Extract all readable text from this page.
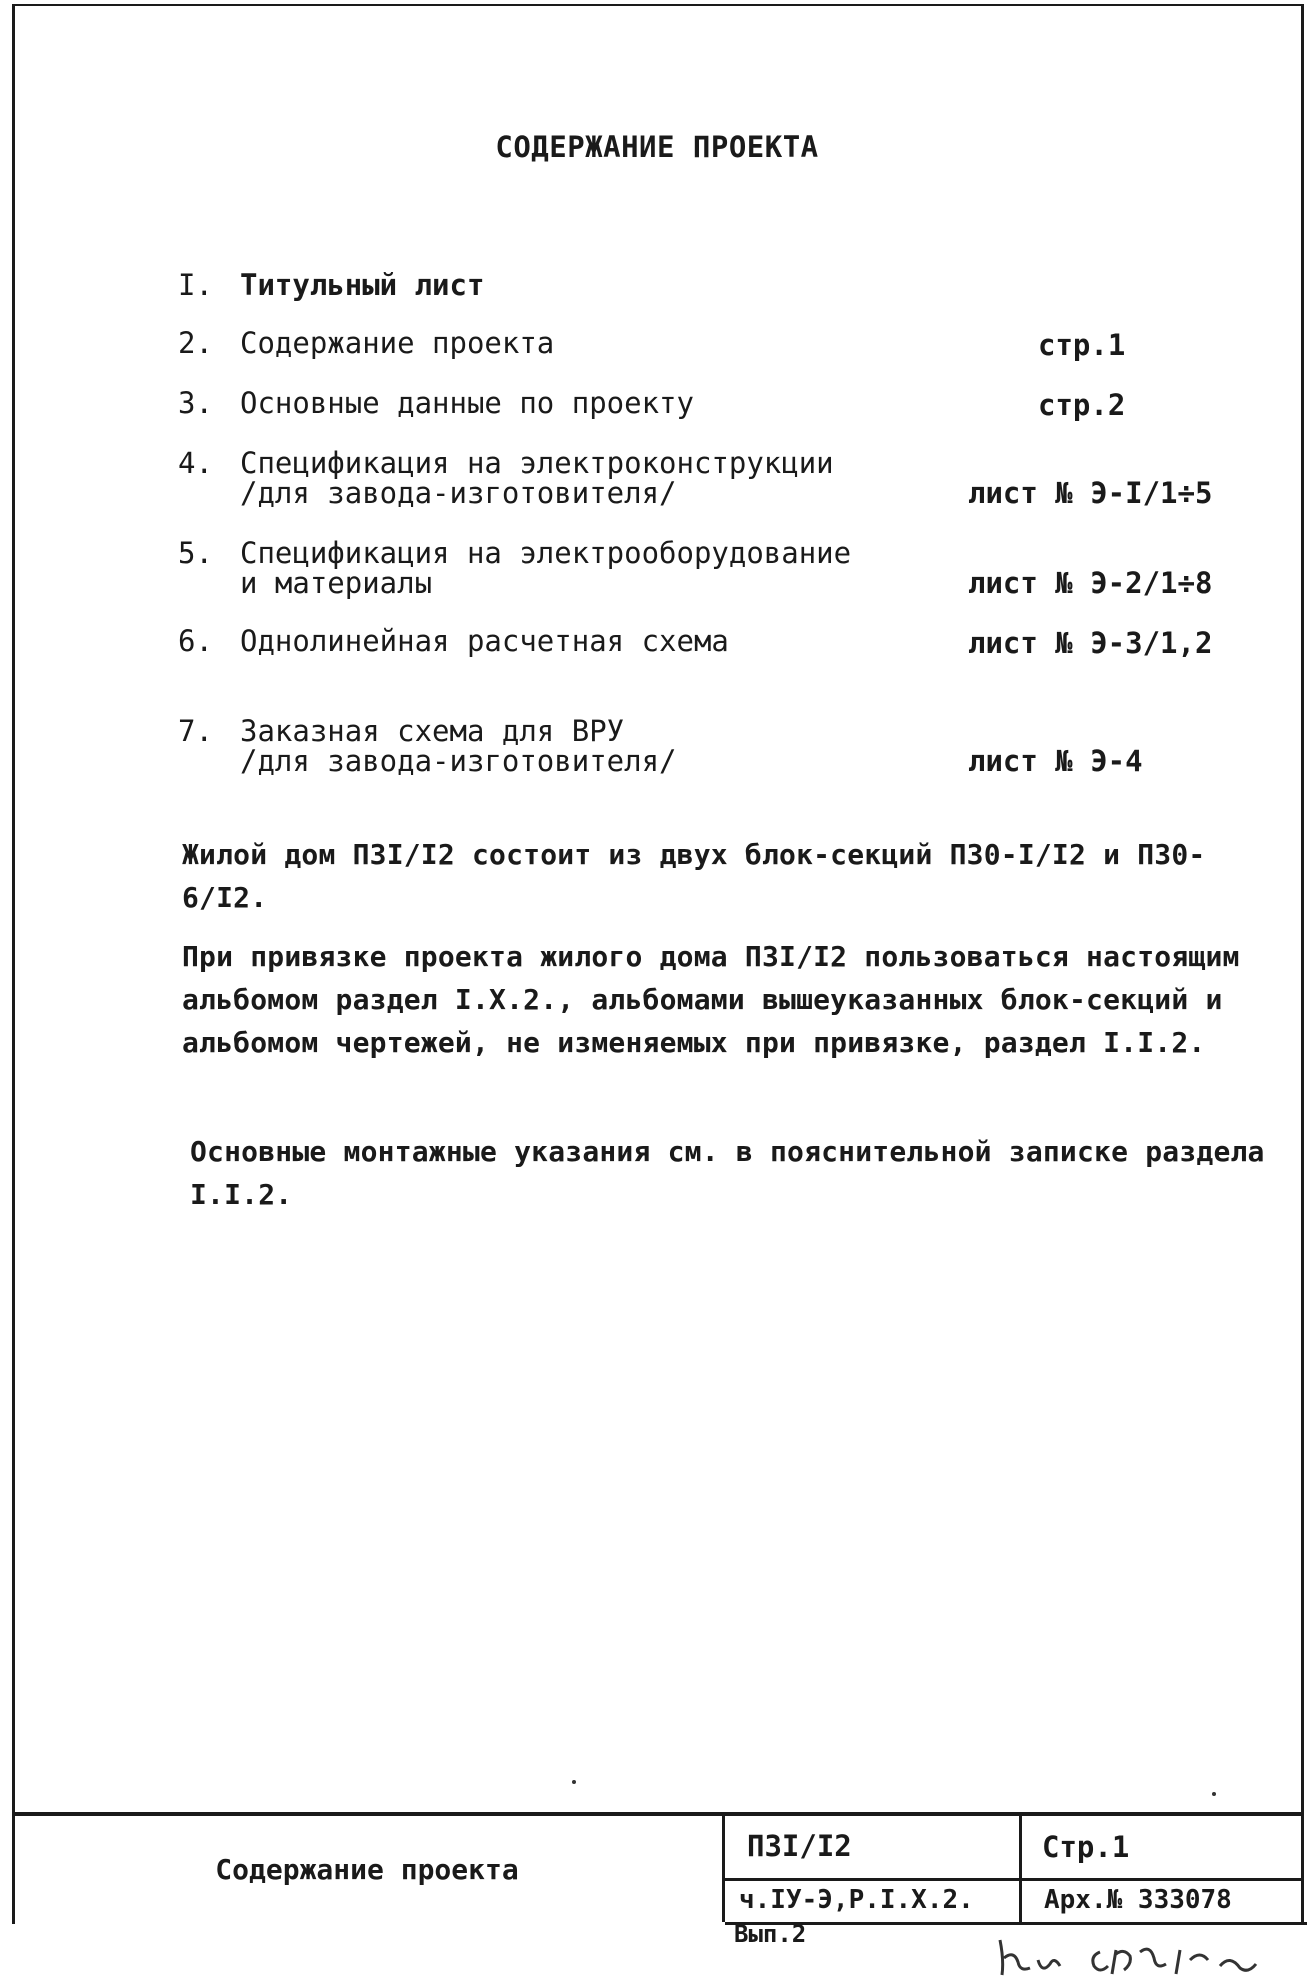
СОДЕРЖАНИЕ ПРОЕКТА
I. Титульный лист
2. Содержание проекта	стр.1
3. Основные данные по проекту	стр.2
4. Спецификация на электроконструкции
/для завода-изготовителя/	лист № Э-I/1÷5
5. Спецификация на электрооборудование
и материалы	лист № Э-2/1÷8
6. Однолинейная расчетная схема	лист № Э-3/1,2
7. Заказная схема для ВРУ
/для завода-изготовителя/	лист № Э-4
Жилой дом П3I/I2 состоит из двух блок-секций П30-I/I2 и П30-6/I2.
При привязке проекта жилого дома П3I/I2 пользоваться настоящим альбомом раздел I.X.2., альбомами вышеуказанных блок-секций и альбомом чертежей, не изменяемых при привязке, раздел I.I.2.
Основные монтажные указания см. в пояснительной записке раздела I.I.2.
Содержание проекта
П3I/I2	Стр.1
ч.IУ-Э,Р.I.X.2.	Арх.№ 333078
Вып.2
